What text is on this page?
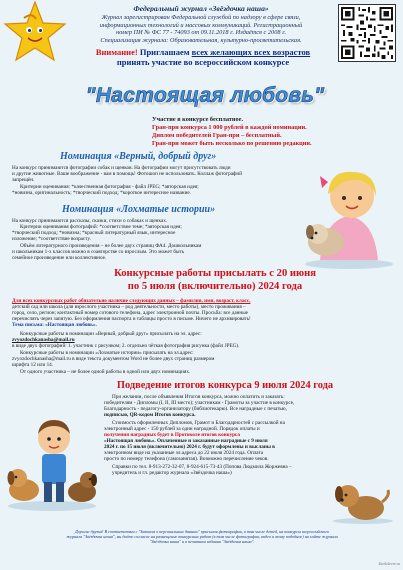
Федеральный журнал «Звёздочка наша»
Журнал зарегистрирован Федеральной службой по надзору в сфере связи,
информационных технологий и массовых коммуникаций. Регистрационный
номер ПИ № ФС 77 - 74093 от 09.11.2018 г. Издаётся с 2008 г.
Специализация журнала: Образовательная, культурно-просветительская.
Внимание! Приглашаем всех желающих всех возрастов
принять участие во всероссийском конкурсе
"Настоящая любовь"
Участие в конкурсе бесплатное.
Гран-при конкурса 1 000 рублей в каждой номинации.
Диплом победителей Гран-при – бесплатный.
Гран-при может быть несколько по решению редакции.
Номинация «Верный, добрый друг»
На конкурс принимаются фотографии собак и щенков. На фотографии могут присутствовать люди
и другие животные. Ваше воображение - вам в помощь! Фотошоп не использовать. Коллаж фотографий
запрещён.
Критерии оценивания: *качественная фотография - файл JPEG; *авторская идея;
*новизна, оригинальность; *творческий подход; *короткое интересное название.
Номинация «Лохматые истории»
На конкурс принимаются рассказы, сказки, стихи о собаках и щенках.
Критерии оценивания фотографий: *соответствие теме; *авторская идея;
*творческий подход; *новизна; *красный литературный язык, интересное
изложение; *соответствие возрасту.
Объём литературного произведения – не более двух страниц ФА4. Дошкольникам
и школьникам 1-х классов можно в соавторстве со взрослым. Это может быть
семейное произведение или коллективное.
Конкурсные работы присылать с 20 июня
по 5 июля (включительно) 2024 года
Для всех конкурсных работ обязательно наличие следующих данных – фамилия, имя, возраст, класс,
детский сад или школа (для взрослого участника – род деятельности, место работы), место проживания –
город, село, регион; контактный номер сотового телефона, адрес электронной почты. Просьба: все данные
перечислять через запятую. Без оформления паспорта и таблицы просто в письме. Ничего не архивировать!
Тема письма: «Настоящая любовь».
Конкурсные работы в номинации «Верный, добрый друг» присылать на эл. адрес:
zvyozdochkanasha@mail.ru
в виде двух фотографий: 1. участник с рисунком; 2. отдельно чёткая фотография рисунка (файл JPEG).
Конкурсные работы в номинации «Лохматые истории» присылать на эл.адрес:
zvyozdochkanasha@mail.ru в виде текста документом Word не более двух страниц размером
шрифта 12 или 14.
От одного участника – не более одной работы в одной или двух номинациях.
Подведение итогов конкурса 9 июля 2024 года
При желании, после объявления Итогов конкурса, можно оплатить и заказать:
победителям - Дипломы (I, II, III место); участникам - Грамоты за участие в конкурсе,
Благодарность - педагогу-организатору (библиотекарю). Все наградные с печатью,
подписью, QR-кодом Итогов конкурса.
Стоимость оформленных Дипломов, Грамот и Благодарностей с рассылкой на
электронный адрес - 150 рублей за один наградной. Порядок оплаты и
получения наградных будет в Протоколе итогов конкурса
«Настоящая любовь». Оплаченные и заказанные наградные с 9 июля
2024 г. по 15 июля (включительно) 2024 г. будут оформлены и высланы в
электронном виде на указанные эл.адреса до 22 июля 2024 года. Оплата
просто по номеру телефона (самозанятая). Возможно перечисление чеков.
Справки по тел. 8-913-272-32-07, 8-924-615-73-43 (Попова Людмила Жоржевна –
учредитель и гл. редактор журнала «Звёздочка наша»)
Дорогие друзья! В соответствии с "Законом о персональных данных" присылая фотографии, в том числе детей, на конкурсы всероссийского
журнала "Звёздочка наша", вы даёте согласие на размещение конкурсных работ (в том числе фотографии, видео и тому подобное) на сайте журнала
"Звёздочка наша" и в печатном издании "Звёздочка наша".
4kids4ever.ru
